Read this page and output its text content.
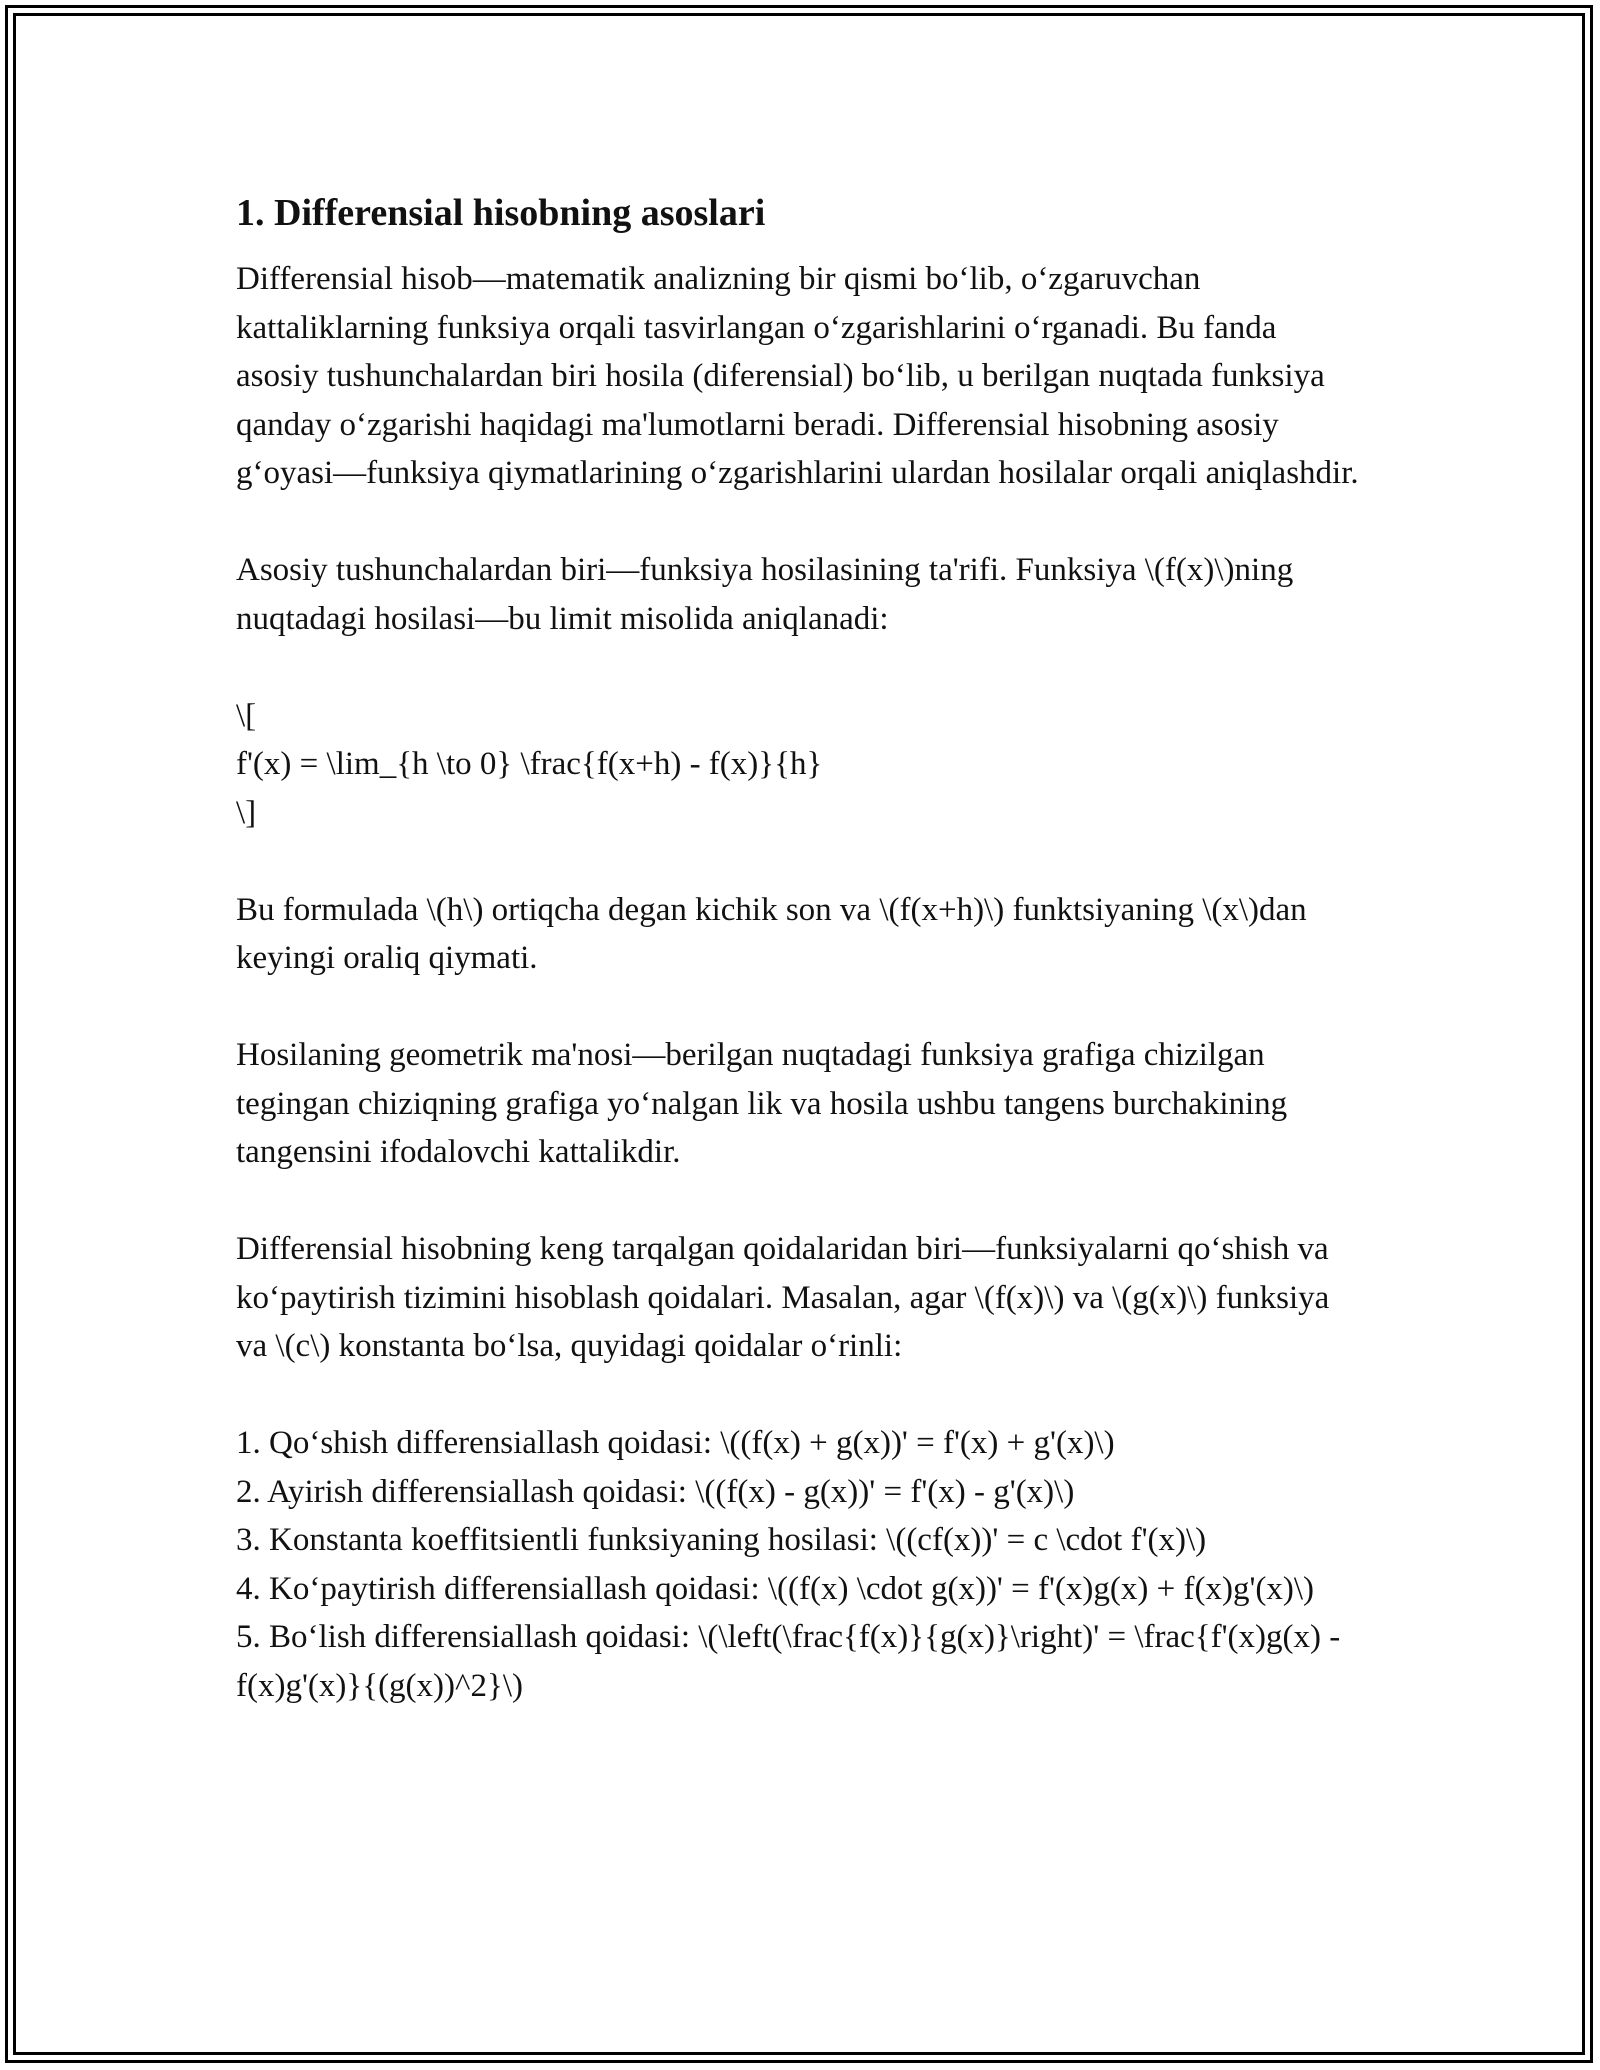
1. Differensial hisobning asoslari

Differensial hisob—matematik analizning bir qismi bo‘lib, o‘zgaruvchan kattaliklarning funksiya orqali tasvirlangan o‘zgarishlarini o‘rganadi. Bu fanda asosiy tushunchalardan biri hosila (diferensial) bo‘lib, u berilgan nuqtada funksiya qanday o‘zgarishi haqidagi ma'lumotlarni beradi. Differensial hisobning asosiy g‘oyasi—funksiya qiymatlarining o‘zgarishlarini ulardan hosilalar orqali aniqlashdir.

Asosiy tushunchalardan biri—funksiya hosilasining ta'rifi. Funksiya \(f(x)\)ning nuqtadagi hosilasi—bu limit misolida aniqlanadi:

\[
f'(x) = \lim_{h \to 0} \frac{f(x+h) - f(x)}{h}
\]

Bu formulada \(h\) ortiqcha degan kichik son va \(f(x+h)\) funktsiyaning \(x\)dan keyingi oraliq qiymati.

Hosilaning geometrik ma'nosi—berilgan nuqtadagi funksiya grafiga chizilgan tegingan chiziqning grafiga yo‘nalgan lik va hosila ushbu tangens burchakining tangensini ifodalovchi kattalikdir.

Differensial hisobning keng tarqalgan qoidalaridan biri—funksiyalarni qo‘shish va ko‘paytirish tizimini hisoblash qoidalari. Masalan, agar \(f(x)\) va \(g(x)\) funksiya va \(c\) konstanta bo‘lsa, quyidagi qoidalar o‘rinli:

1. Qo‘shish differensiallash qoidasi: \((f(x) + g(x))' = f'(x) + g'(x)\)

2. Ayirish differensiallash qoidasi: \((f(x) - g(x))' = f'(x) - g'(x)\)

3. Konstanta koeffitsientli funksiyaning hosilasi: \((cf(x))' = c \cdot f'(x)\)

4. Ko‘paytirish differensiallash qoidasi: \((f(x) \cdot g(x))' = f'(x)g(x) + f(x)g'(x)\)

5. Bo‘lish differensiallash qoidasi: \(\left(\frac{f(x)}{g(x)}\right)' = \frac{f'(x)g(x) - f(x)g'(x)}{(g(x))^2}\)
